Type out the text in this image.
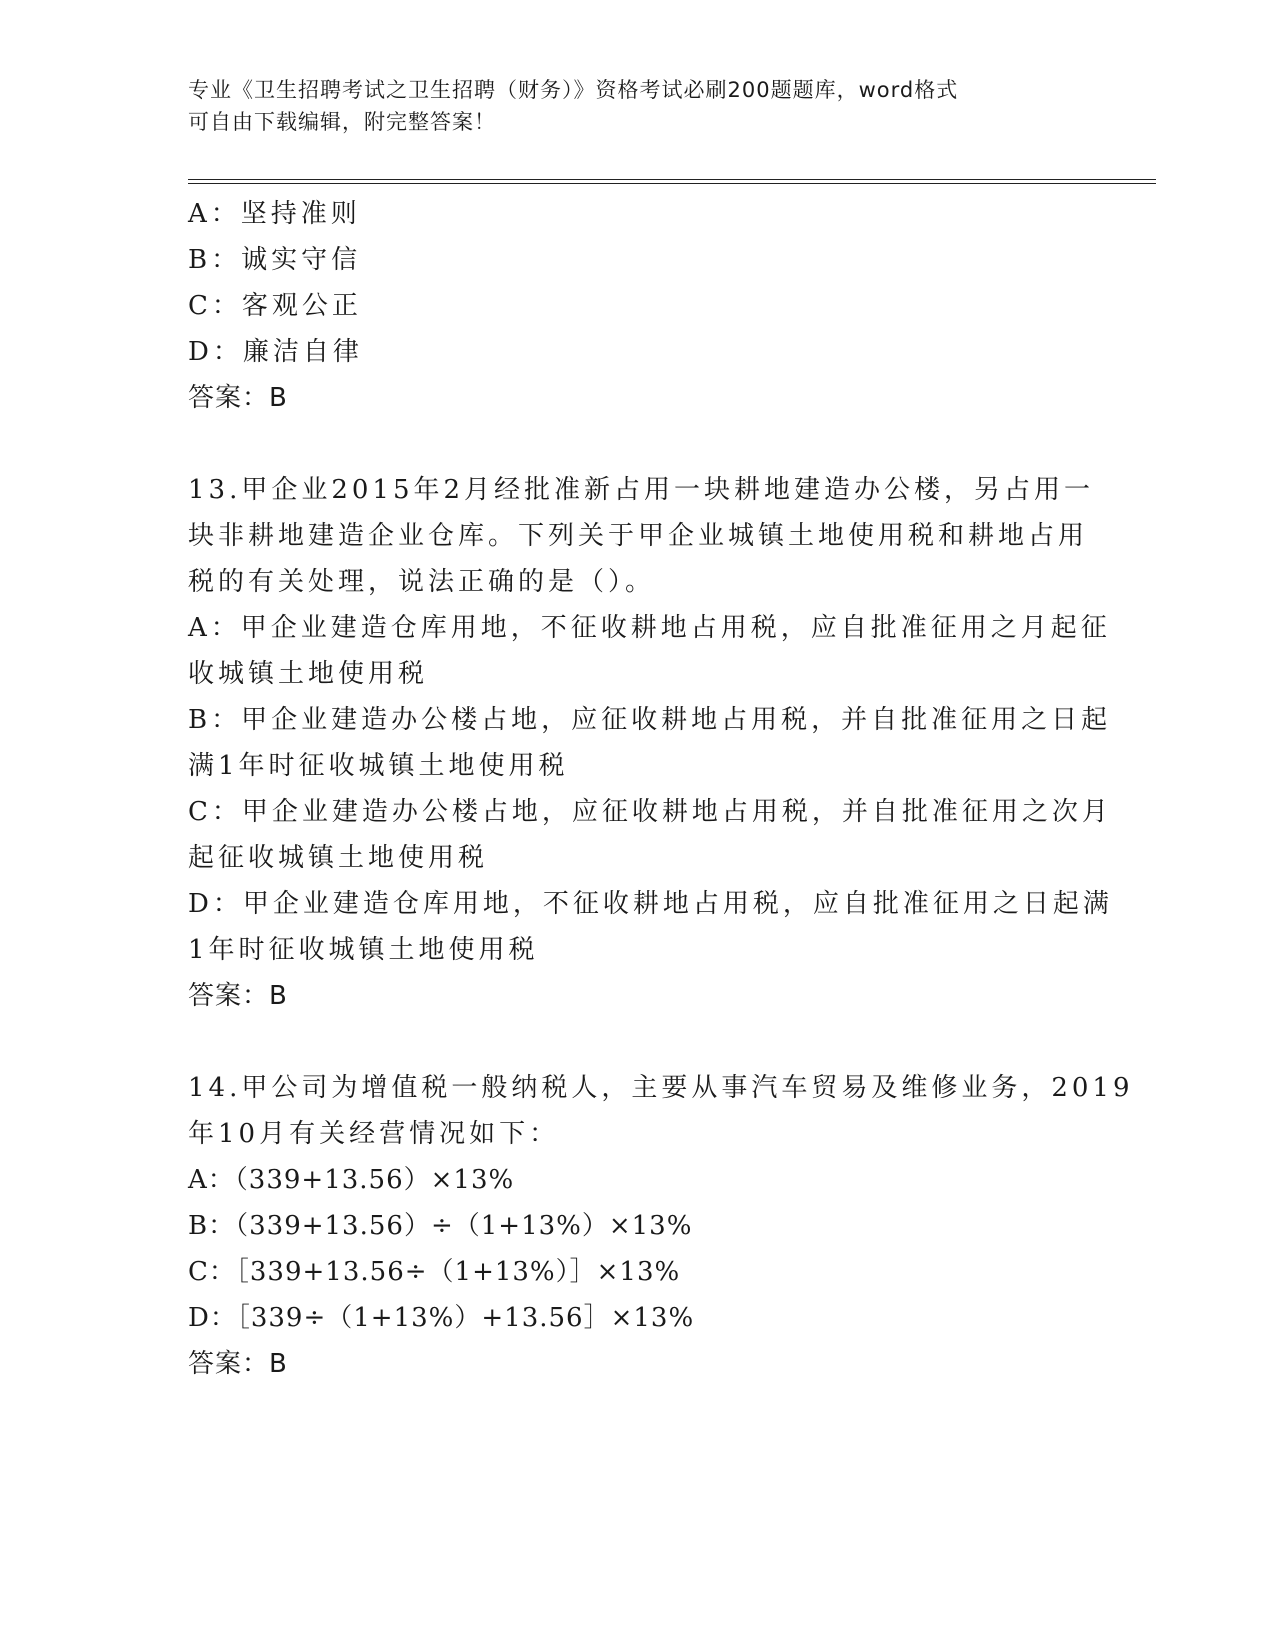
专业《卫生招聘考试之卫生招聘（财务）》资格考试必刷200题题库，word格式
可自由下载编辑，附完整答案！
A：坚持准则
B：诚实守信
C：客观公正
D：廉洁自律
答案：B
13.甲企业2015年2月经批准新占用一块耕地建造办公楼，另占用一
块非耕地建造企业仓库。下列关于甲企业城镇土地使用税和耕地占用
税的有关处理，说法正确的是（）。
A：甲企业建造仓库用地，不征收耕地占用税，应自批准征用之月起征
收城镇土地使用税
B：甲企业建造办公楼占地，应征收耕地占用税，并自批准征用之日起
满1年时征收城镇土地使用税
C：甲企业建造办公楼占地，应征收耕地占用税，并自批准征用之次月
起征收城镇土地使用税
D：甲企业建造仓库用地，不征收耕地占用税，应自批准征用之日起满
1年时征收城镇土地使用税
答案：B
14.甲公司为增值税一般纳税人，主要从事汽车贸易及维修业务，2019
年10月有关经营情况如下：
A：（339+13.56）×13%
B：（339+13.56）÷（1+13%）×13%
C：［339+13.56÷（1+13%）］×13%
D：［339÷（1+13%）+13.56］×13%
答案：B
